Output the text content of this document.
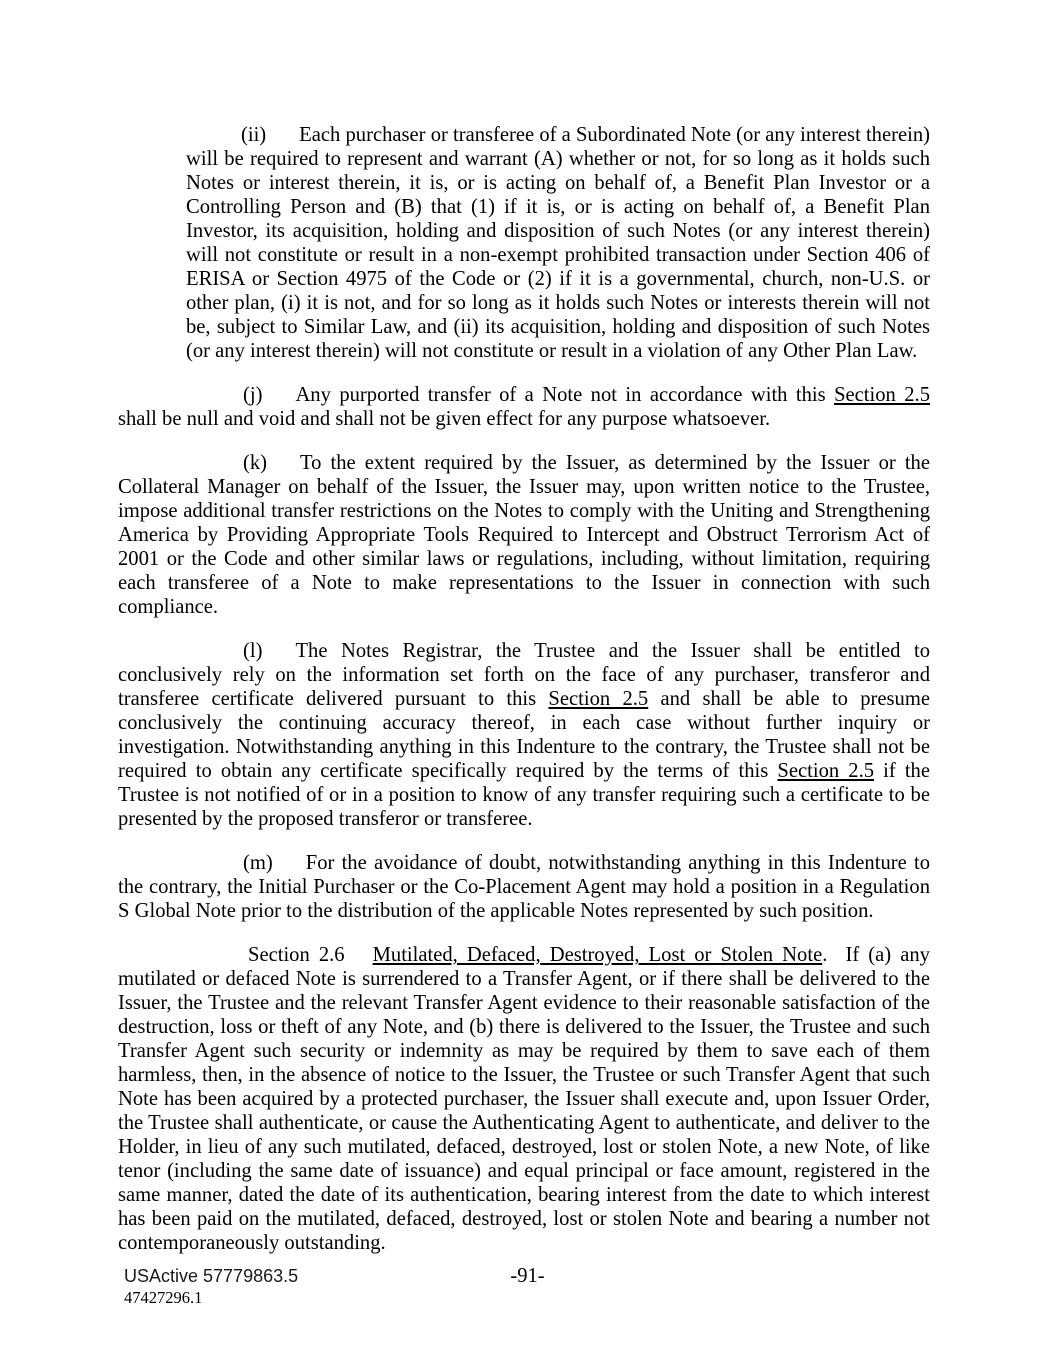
(ii) Each purchaser or transferee of a Subordinated Note (or any interest therein) will be required to represent and warrant (A) whether or not, for so long as it holds such Notes or interest therein, it is, or is acting on behalf of, a Benefit Plan Investor or a Controlling Person and (B) that (1) if it is, or is acting on behalf of, a Benefit Plan Investor, its acquisition, holding and disposition of such Notes (or any interest therein) will not constitute or result in a non-exempt prohibited transaction under Section 406 of ERISA or Section 4975 of the Code or (2) if it is a governmental, church, non-U.S. or other plan, (i) it is not, and for so long as it holds such Notes or interests therein will not be, subject to Similar Law, and (ii) its acquisition, holding and disposition of such Notes (or any interest therein) will not constitute or result in a violation of any Other Plan Law.

(j) Any purported transfer of a Note not in accordance with this Section 2.5 shall be null and void and shall not be given effect for any purpose whatsoever.

(k) To the extent required by the Issuer, as determined by the Issuer or the Collateral Manager on behalf of the Issuer, the Issuer may, upon written notice to the Trustee, impose additional transfer restrictions on the Notes to comply with the Uniting and Strengthening America by Providing Appropriate Tools Required to Intercept and Obstruct Terrorism Act of 2001 or the Code and other similar laws or regulations, including, without limitation, requiring each transferee of a Note to make representations to the Issuer in connection with such compliance.

(l) The Notes Registrar, the Trustee and the Issuer shall be entitled to conclusively rely on the information set forth on the face of any purchaser, transferor and transferee certificate delivered pursuant to this Section 2.5 and shall be able to presume conclusively the continuing accuracy thereof, in each case without further inquiry or investigation. Notwithstanding anything in this Indenture to the contrary, the Trustee shall not be required to obtain any certificate specifically required by the terms of this Section 2.5 if the Trustee is not notified of or in a position to know of any transfer requiring such a certificate to be presented by the proposed transferor or transferee.

(m) For the avoidance of doubt, notwithstanding anything in this Indenture to the contrary, the Initial Purchaser or the Co-Placement Agent may hold a position in a Regulation S Global Note prior to the distribution of the applicable Notes represented by such position.

Section 2.6 Mutilated, Defaced, Destroyed, Lost or Stolen Note.  If (a) any mutilated or defaced Note is surrendered to a Transfer Agent, or if there shall be delivered to the Issuer, the Trustee and the relevant Transfer Agent evidence to their reasonable satisfaction of the destruction, loss or theft of any Note, and (b) there is delivered to the Issuer, the Trustee and such Transfer Agent such security or indemnity as may be required by them to save each of them harmless, then, in the absence of notice to the Issuer, the Trustee or such Transfer Agent that such Note has been acquired by a protected purchaser, the Issuer shall execute and, upon Issuer Order, the Trustee shall authenticate, or cause the Authenticating Agent to authenticate, and deliver to the Holder, in lieu of any such mutilated, defaced, destroyed, lost or stolen Note, a new Note, of like tenor (including the same date of issuance) and equal principal or face amount, registered in the same manner, dated the date of its authentication, bearing interest from the date to which interest has been paid on the mutilated, defaced, destroyed, lost or stolen Note and bearing a number not contemporaneously outstanding.

USActive 57779863.5
47427296.1
-91-
